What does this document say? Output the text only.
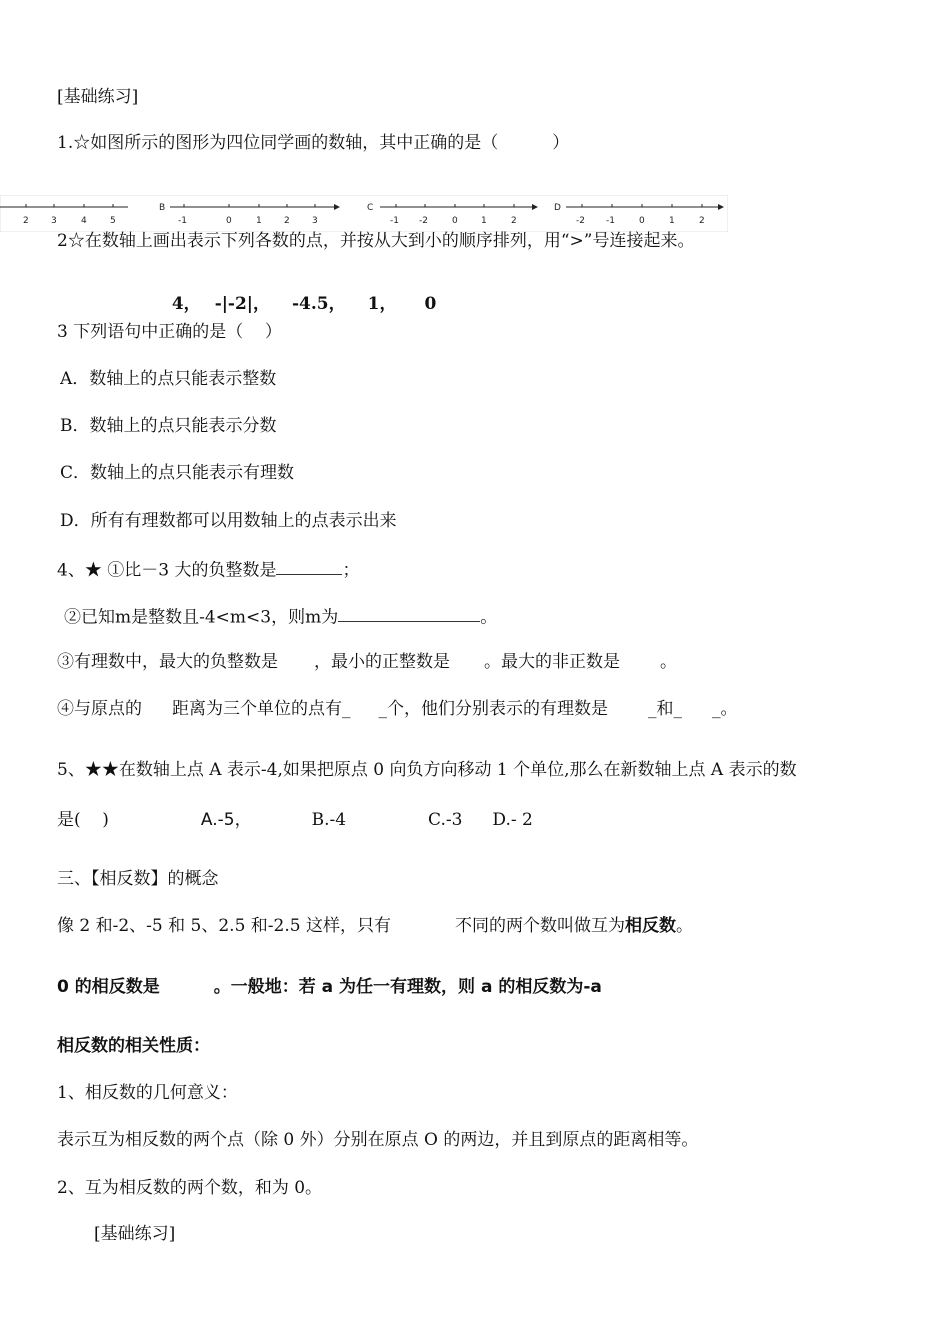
[基础练习]
1.☆如图所示的图形为四位同学画的数轴，其中正确的是（          ）
2 3	4	5
B
-1	0	1 2 3
C
-1 -2	0	1	2
D
-2 -1	0	1	2
2☆在数轴上画出表示下列各数的点，并按从大到小的顺序排列，用“>”号连接起来。

4， -|-2|， -4.5， 1， 0

3 下列语句中正确的是（    ）
A．数轴上的点只能表示整数
B．数轴上的点只能表示分数
C．数轴上的点只能表示有理数
D．所有有理数都可以用数轴上的点表示出来
4、★ ①比－3 大的负整数是	；
②已知m是整数且-4<m<3，则m为	。
③有理数中，最大的负整数是 ，最小的正整数是 。最大的非正数是 。
④与原点的 距离为三个单位的点有_ _个，他们分别表示的有理数是 _和_ _。
5、★★在数轴上点 A 表示-4,如果把原点 0 向负方向移动 1 个单位,那么在新数轴上点 A 表示的数
是(    )	A.-5，	B.-4	C.-3 D.- 2
三、【相反数】的概念
像 2 和-2、-5 和 5、2.5 和-2.5 这样，只有	不同的两个数叫做互为相反数。
0 的相反数是	。一般地：若 a 为任一有理数，则 a 的相反数为-a
相反数的相关性质：
1、相反数的几何意义：
表示互为相反数的两个点（除 0 外）分别在原点 O 的两边，并且到原点的距离相等。
2、互为相反数的两个数，和为 0。
[基础练习]
